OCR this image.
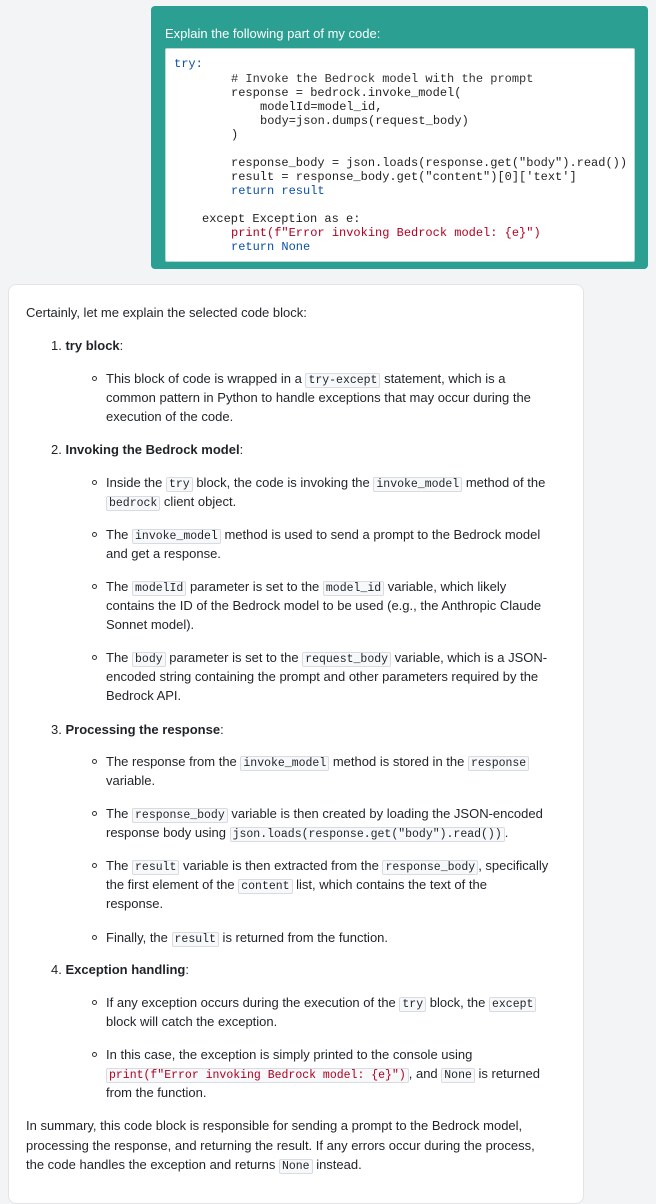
Explain the following part of my code:
try:
# Invoke the Bedrock model with the prompt
response = bedrock.invoke_model(
modelId=model_id,
body=json.dumps(request_body)
)
response_body = json.loads(response.get("body").read())
result = response_body.get("content")[0]['text']
return result
except Exception as e:
print(f"Error invoking Bedrock model: {e}")
return None

Certainly, let me explain the selected code block:

1. try block:

This block of code is wrapped in a try-except statement, which is a

common pattern in Python to handle exceptions that may occur during the

execution of the code.

2. Invoking the Bedrock model:

Inside the try block, the code is invoking the invoke_model method of the

bedrock client object.

The invoke_model method is used to send a prompt to the Bedrock model

and get a response.

The modelId parameter is set to the model_id variable, which likely

contains the ID of the Bedrock model to be used (e.g., the Anthropic Claude

Sonnet model).

The body parameter is set to the request_body variable, which is a JSON-

encoded string containing the prompt and other parameters required by the

Bedrock API.

3. Processing the response:

The response from the invoke_model method is stored in the response

variable.

The response_body variable is then created by loading the JSON-encoded

response body using json.loads(response.get("body").read()) .

The result variable is then extracted from the response_body , specifically

the first element of the content list, which contains the text of the

response.

Finally, the result is returned from the function.

4. Exception handling:

If any exception occurs during the execution of the try block, the except

block will catch the exception.

In this case, the exception is simply printed to the console using

print(f"Error invoking Bedrock model: {e}") , and None is returned

from the function.

In summary, this code block is responsible for sending a prompt to the Bedrock model,

processing the response, and returning the result. If any errors occur during the process,

the code handles the exception and returns None instead.
